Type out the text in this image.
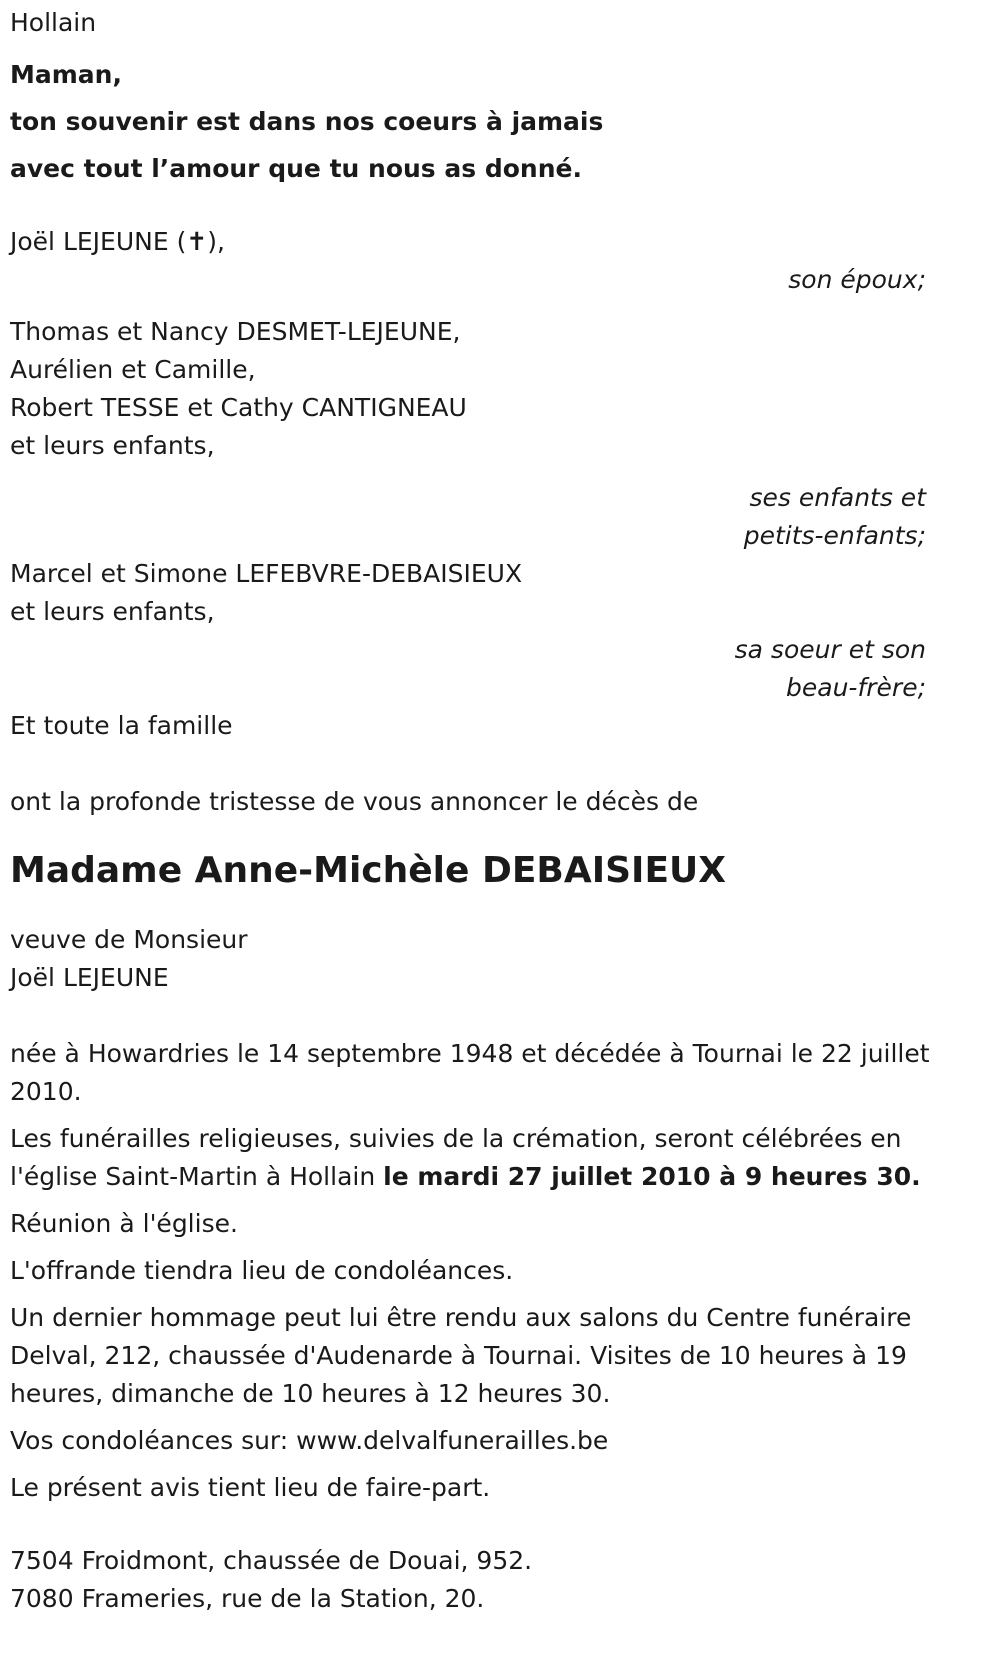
Hollain
Maman,
ton souvenir est dans nos coeurs à jamais
avec tout l’amour que tu nous as donné.
Joël LEJEUNE (✝),
son époux;
Thomas et Nancy DESMET-LEJEUNE,
Aurélien et Camille,
Robert TESSE et Cathy CANTIGNEAU
et leurs enfants,
ses enfants et
petits-enfants;
Marcel et Simone LEFEBVRE-DEBAISIEUX
et leurs enfants,
sa soeur et son
beau-frère;
Et toute la famille
ont la profonde tristesse de vous annoncer le décès de
Madame Anne-Michèle DEBAISIEUX
veuve de Monsieur
Joël LEJEUNE
née à Howardries le 14 septembre 1948 et décédée à Tournai le 22 juillet 2010.
Les funérailles religieuses, suivies de la crémation, seront célébrées en l'église Saint-Martin à Hollain le mardi 27 juillet 2010 à 9 heures 30.
Réunion à l'église.
L'offrande tiendra lieu de condoléances.
Un dernier hommage peut lui être rendu aux salons du Centre funéraire Delval, 212, chaussée d'Audenarde à Tournai. Visites de 10 heures à 19 heures, dimanche de 10 heures à 12 heures 30.
Vos condoléances sur: www.delvalfunerailles.be
Le présent avis tient lieu de faire-part.
7504 Froidmont, chaussée de Douai, 952.
7080 Frameries, rue de la Station, 20.
